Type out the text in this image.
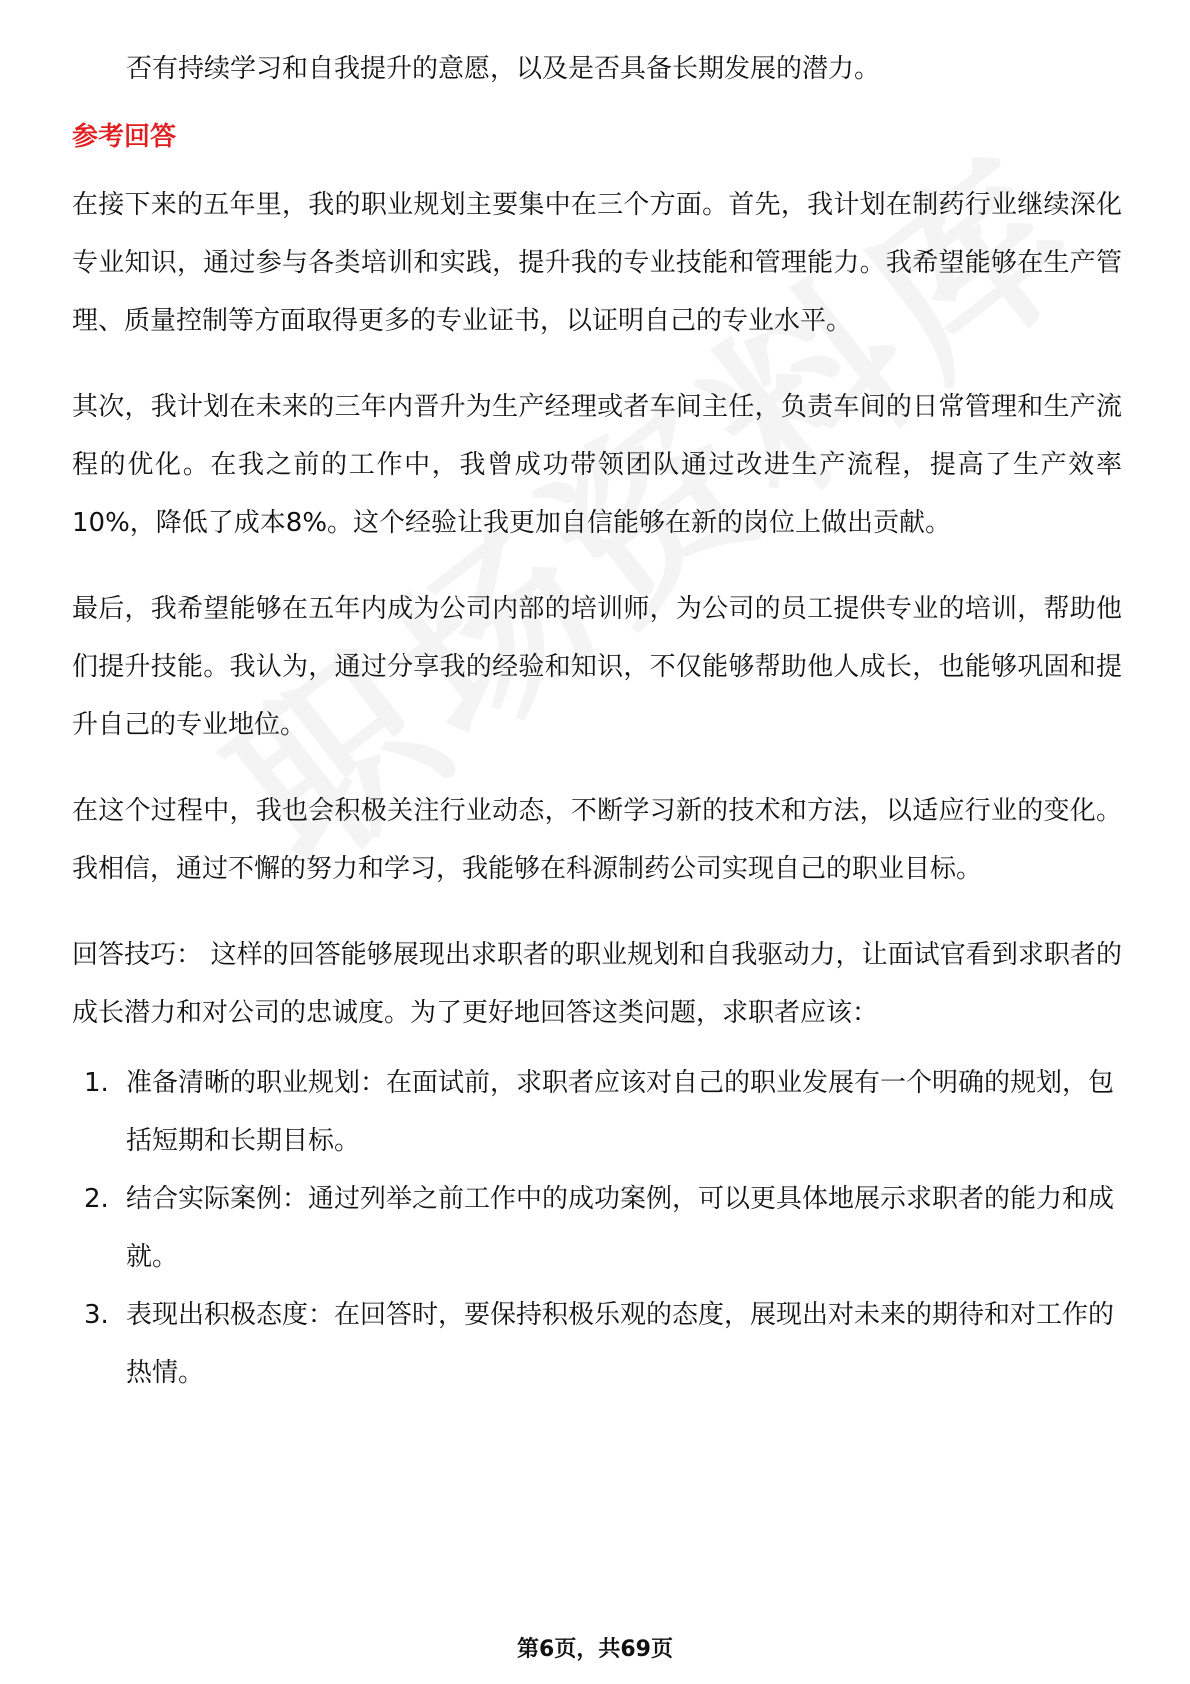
否有持续学习和自我提升的意愿，以及是否具备长期发展的潜力。

参考回答

在接下来的五年里，我的职业规划主要集中在三个方面。首先，我计划在制药行业继续深化专业知识，通过参与各类培训和实践，提升我的专业技能和管理能力。我希望能够在生产管理、质量控制等方面取得更多的专业证书，以证明自己的专业水平。

其次，我计划在未来的三年内晋升为生产经理或者车间主任，负责车间的日常管理和生产流程的优化。在我之前的工作中，我曾成功带领团队通过改进生产流程，提高了生产效率10%，降低了成本8%。这个经验让我更加自信能够在新的岗位上做出贡献。

最后，我希望能够在五年内成为公司内部的培训师，为公司的员工提供专业的培训，帮助他们提升技能。我认为，通过分享我的经验和知识，不仅能够帮助他人成长，也能够巩固和提升自己的专业地位。

在这个过程中，我也会积极关注行业动态，不断学习新的技术和方法，以适应行业的变化。我相信，通过不懈的努力和学习，我能够在科源制药公司实现自己的职业目标。

回答技巧： 这样的回答能够展现出求职者的职业规划和自我驱动力，让面试官看到求职者的成长潜力和对公司的忠诚度。为了更好地回答这类问题，求职者应该：

1. 准备清晰的职业规划：在面试前，求职者应该对自己的职业发展有一个明确的规划，包括短期和长期目标。
2. 结合实际案例：通过列举之前工作中的成功案例，可以更具体地展示求职者的能力和成就。
3. 表现出积极态度：在回答时，要保持积极乐观的态度，展现出对未来的期待和对工作的热情。
第6页，共69页
